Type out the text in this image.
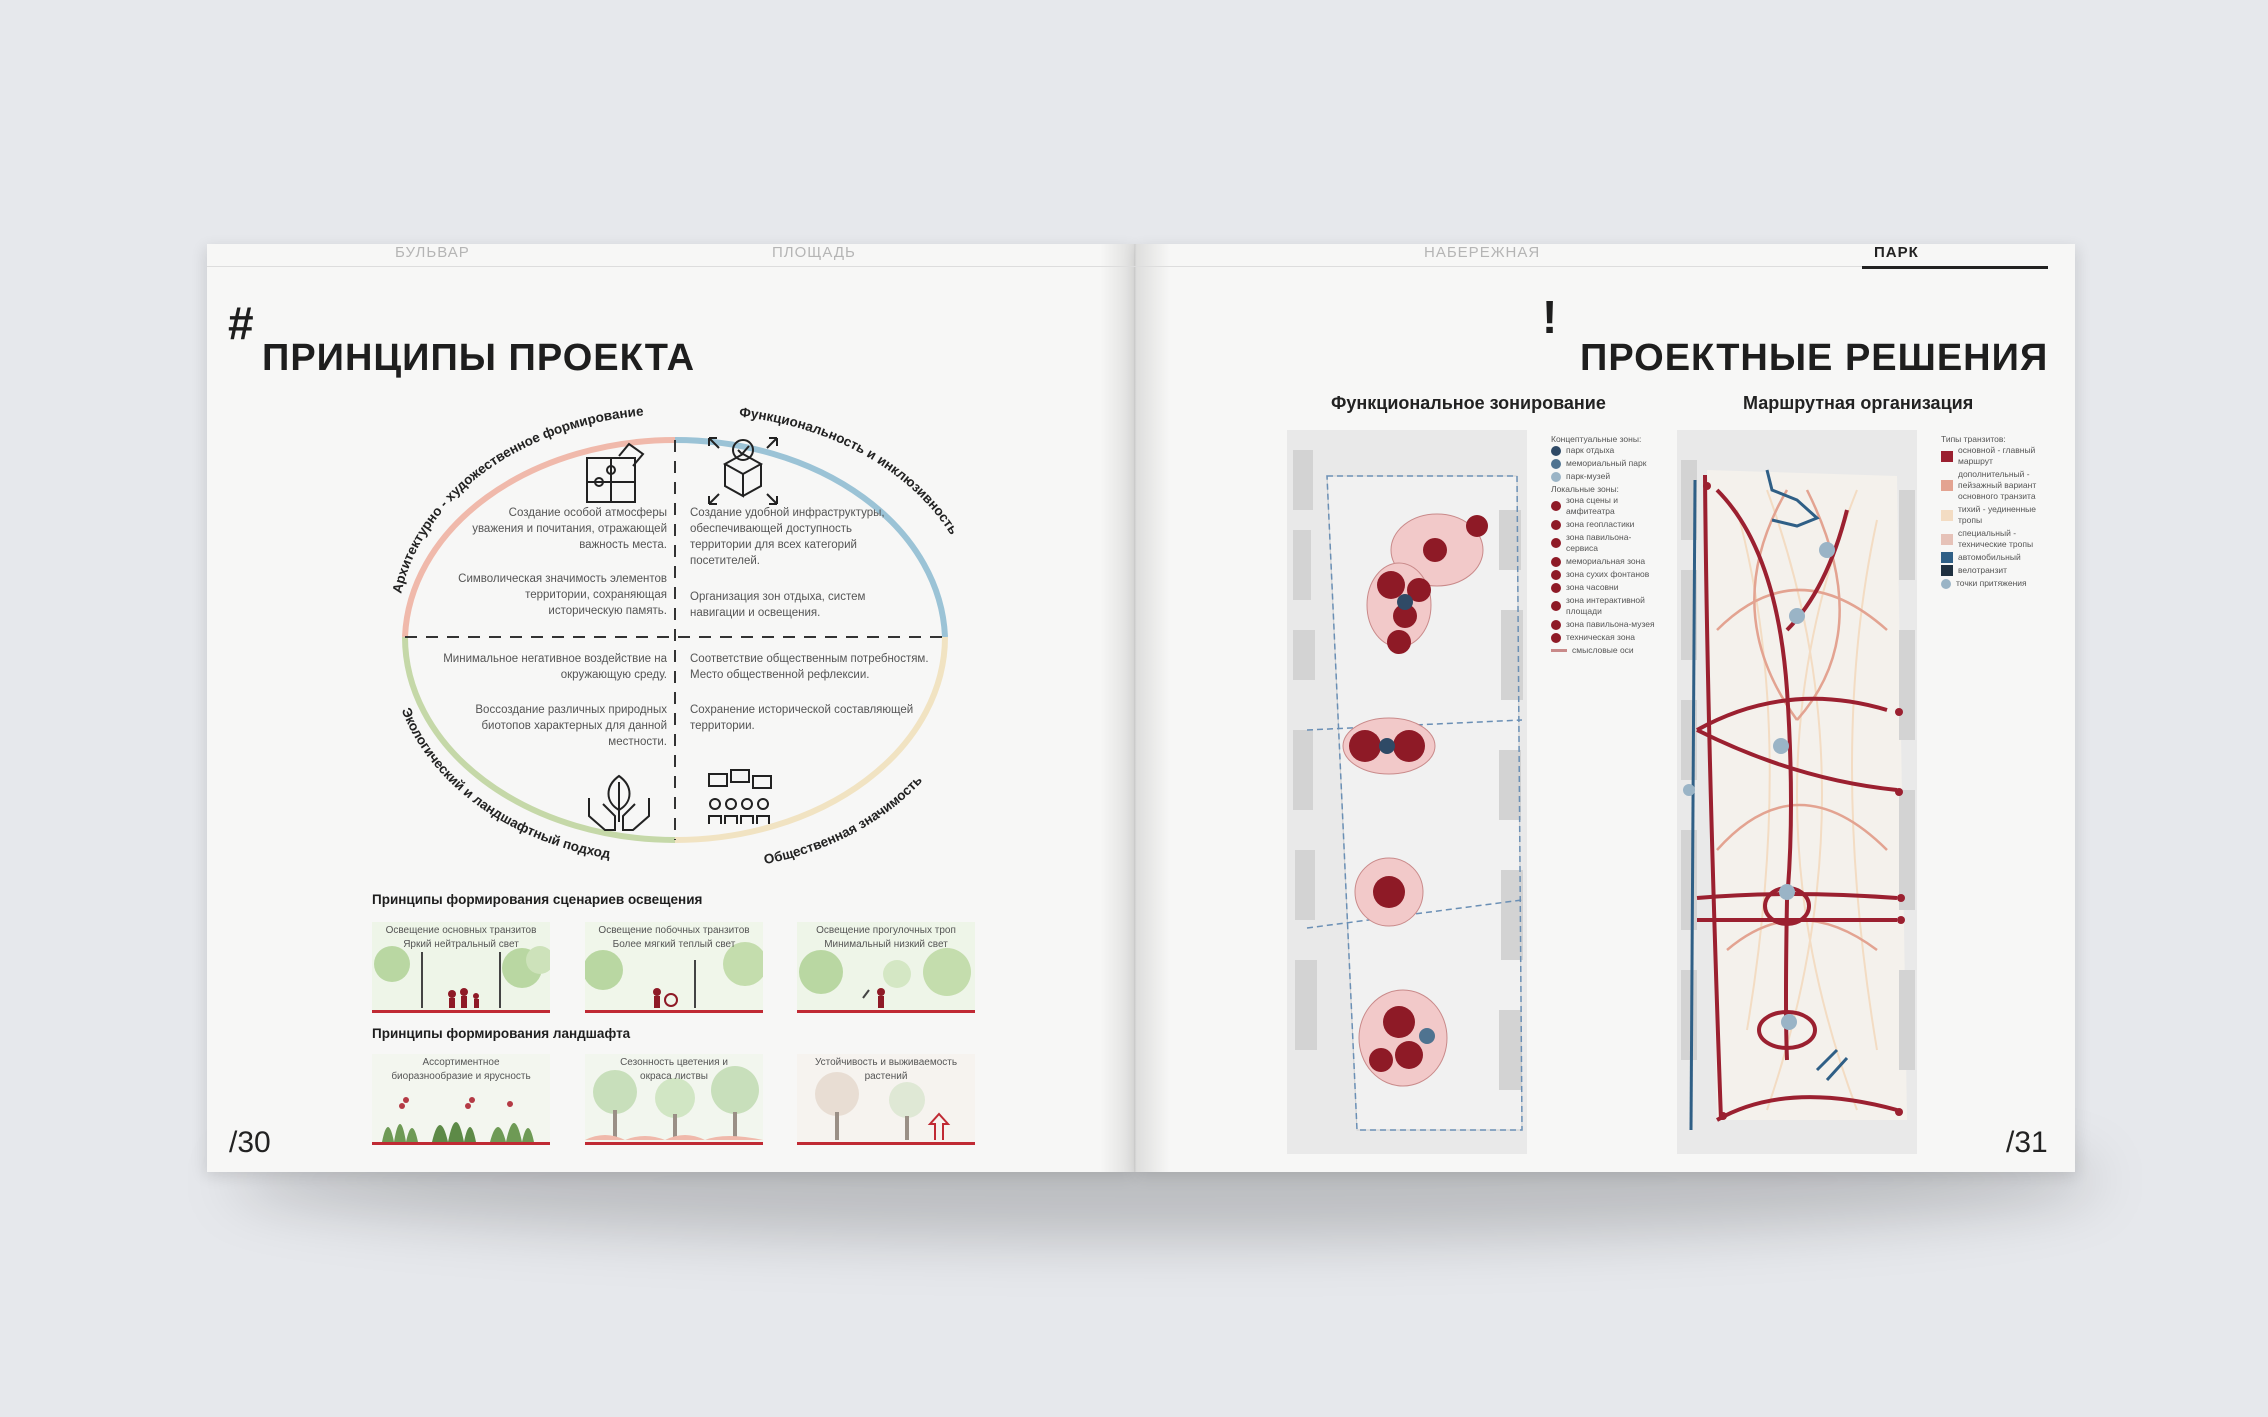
БУЛЬВАР	ПЛОЩАДЬ	НАБЕРЕЖНАЯ	ПАРК
#
ПРИНЦИПЫ ПРОЕКТА
Архитектурно - художественное формирование	Функциональность и инклюзивность
Экологический и ландшафтный подход	Общественная значимость
Создание особой атмосферы уважения и почитания, отражающей важность места.
Символическая значимость элементов территории, сохраняющая историческую память.
Создание удобной инфраструктуры, обеспечивающей доступность территории для всех категорий посетителей.
Организация зон отдыха, систем навигации и освещения.
Минимальное негативное воздействие на окружающую среду.
Воссоздание различных природных биотопов характерных для данной местности.
Соответствие общественным потребностям. Место общественной рефлексии.
Сохранение исторической составляющей территории.
Принципы формирования сценариев освещения
Освещение основных транзитов
Яркий нейтральный свет
Освещение побочных транзитов
Более мягкий теплый свет
Освещение прогулочных троп
Минимальный низкий свет
Принципы формирования ландшафта
Ассортиментное
биоразнообразие и ярусность
Сезонность цветения и
окраса листвы
Устойчивость и выживаемость
растений
/30
!
ПРОЕКТНЫЕ РЕШЕНИЯ
Функциональное зонирование	Маршрутная организация
Концептуальные зоны:
парк отдыха
мемориальный парк
парк-музей
Локальные зоны:
зона сцены и амфитеатра
зона геопластики
зона павильона-сервиса
мемориальная зона
зона сухих фонтанов
зона часовни
зона интерактивной площади
зона павильона-музея
техническая зона
смысловые оси
Типы транзитов:
основной - главный маршрут
дополнительный - пейзажный вариант основного транзита
тихий - уединенные тропы
специальный - технические тропы
автомобильный
велотранзит
точки притяжения
/31
